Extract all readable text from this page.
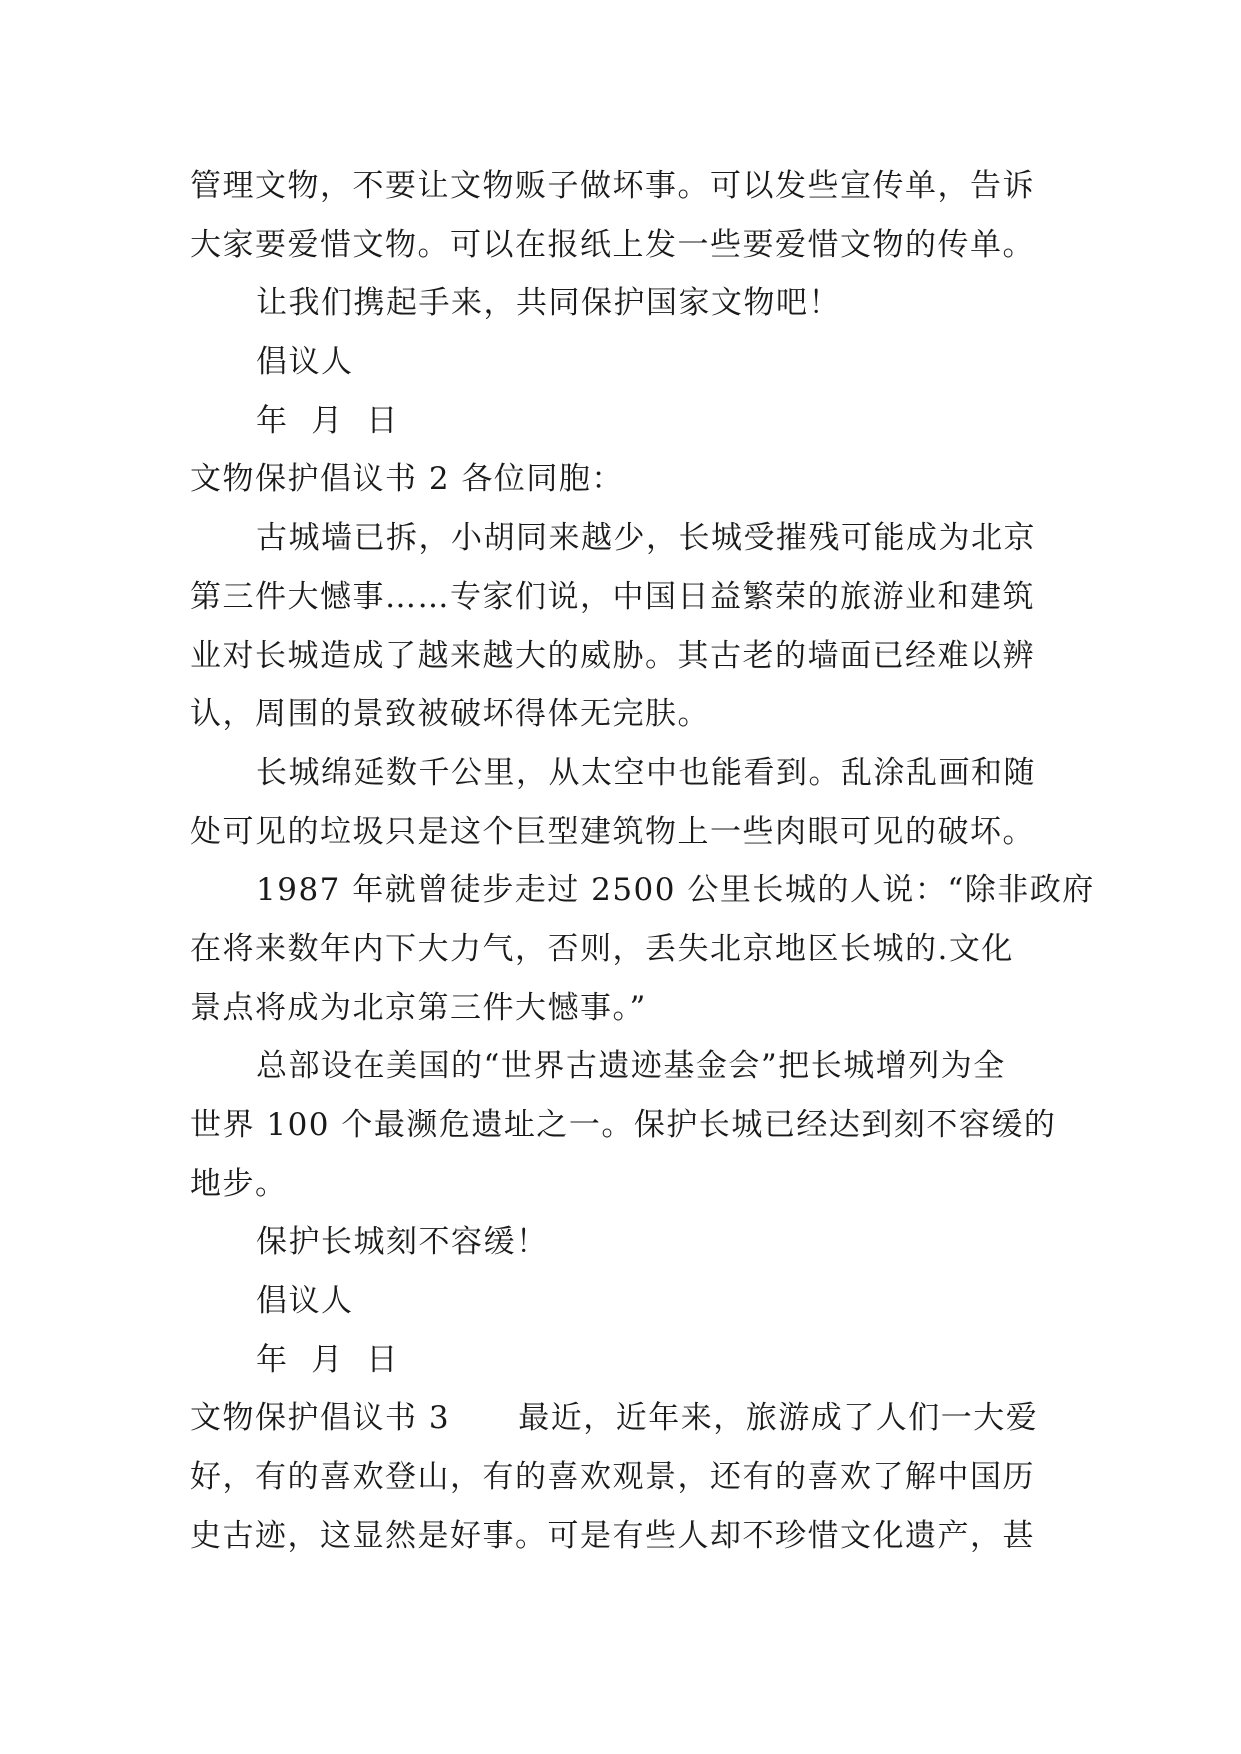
管理文物，不要让文物贩子做坏事。可以发些宣传单，告诉
大家要爱惜文物。可以在报纸上发一些要爱惜文物的传单。
让我们携起手来，共同保护国家文物吧！
倡议人
年  月  日
文物保护倡议书 2 各位同胞：
古城墙已拆，小胡同来越少，长城受摧残可能成为北京
第三件大憾事……专家们说，中国日益繁荣的旅游业和建筑
业对长城造成了越来越大的威胁。其古老的墙面已经难以辨
认，周围的景致被破坏得体无完肤。
长城绵延数千公里，从太空中也能看到。乱涂乱画和随
处可见的垃圾只是这个巨型建筑物上一些肉眼可见的破坏。
1987 年就曾徒步走过 2500 公里长城的人说：“除非政府
在将来数年内下大力气，否则，丢失北京地区长城的.文化
景点将成为北京第三件大憾事。”
总部设在美国的“世界古遗迹基金会”把长城增列为全
世界 100 个最濒危遗址之一。保护长城已经达到刻不容缓的
地步。
保护长城刻不容缓！
倡议人
年  月  日
文物保护倡议书 3      最近，近年来，旅游成了人们一大爱
好，有的喜欢登山，有的喜欢观景，还有的喜欢了解中国历
史古迹，这显然是好事。可是有些人却不珍惜文化遗产，甚
